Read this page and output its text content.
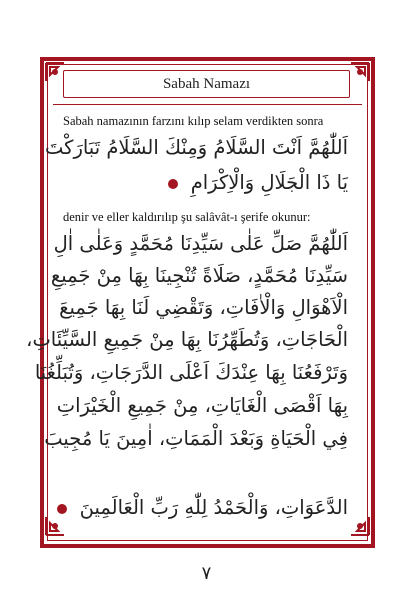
Sabah Namazı
Sabah namazının farzını kılıp selam verdikten sonra
اَللّٰهُمَّ اَنْتَ السَّلَامُ وَمِنْكَ السَّلَامُ تَبَارَكْتَ
يَا ذَا الْجَلَالِ وَالْاِكْرَامِ
denir ve eller kaldırılıp şu salâvât-ı şerife okunur:
اَللّٰهُمَّ صَلِّ عَلٰى سَيِّدِنَا مُحَمَّدٍ وَعَلٰى اٰلِ
سَيِّدِنَا مُحَمَّدٍ، صَلَاةً تُنْجِينَا بِهَا مِنْ جَمِيعِ
الْاَهْوَالِ وَالْاٰفَاتِ، وَتَقْضِي لَنَا بِهَا جَمِيعَ
الْحَاجَاتِ، وَتُطَهِّرُنَا بِهَا مِنْ جَمِيعِ السَّيِّئَاتِ،
وَتَرْفَعُنَا بِهَا عِنْدَكَ اَعْلَى الدَّرَجَاتِ، وَتُبَلِّغُنَا
بِهَا اَقْصَى الْغَايَاتِ، مِنْ جَمِيعِ الْخَيْرَاتِ
فِي الْحَيَاةِ وَبَعْدَ الْمَمَاتِ، اٰمِينَ يَا مُجِيبَ
الدَّعَوَاتِ، وَالْحَمْدُ لِلّٰهِ رَبِّ الْعَالَمِينَ
٧
